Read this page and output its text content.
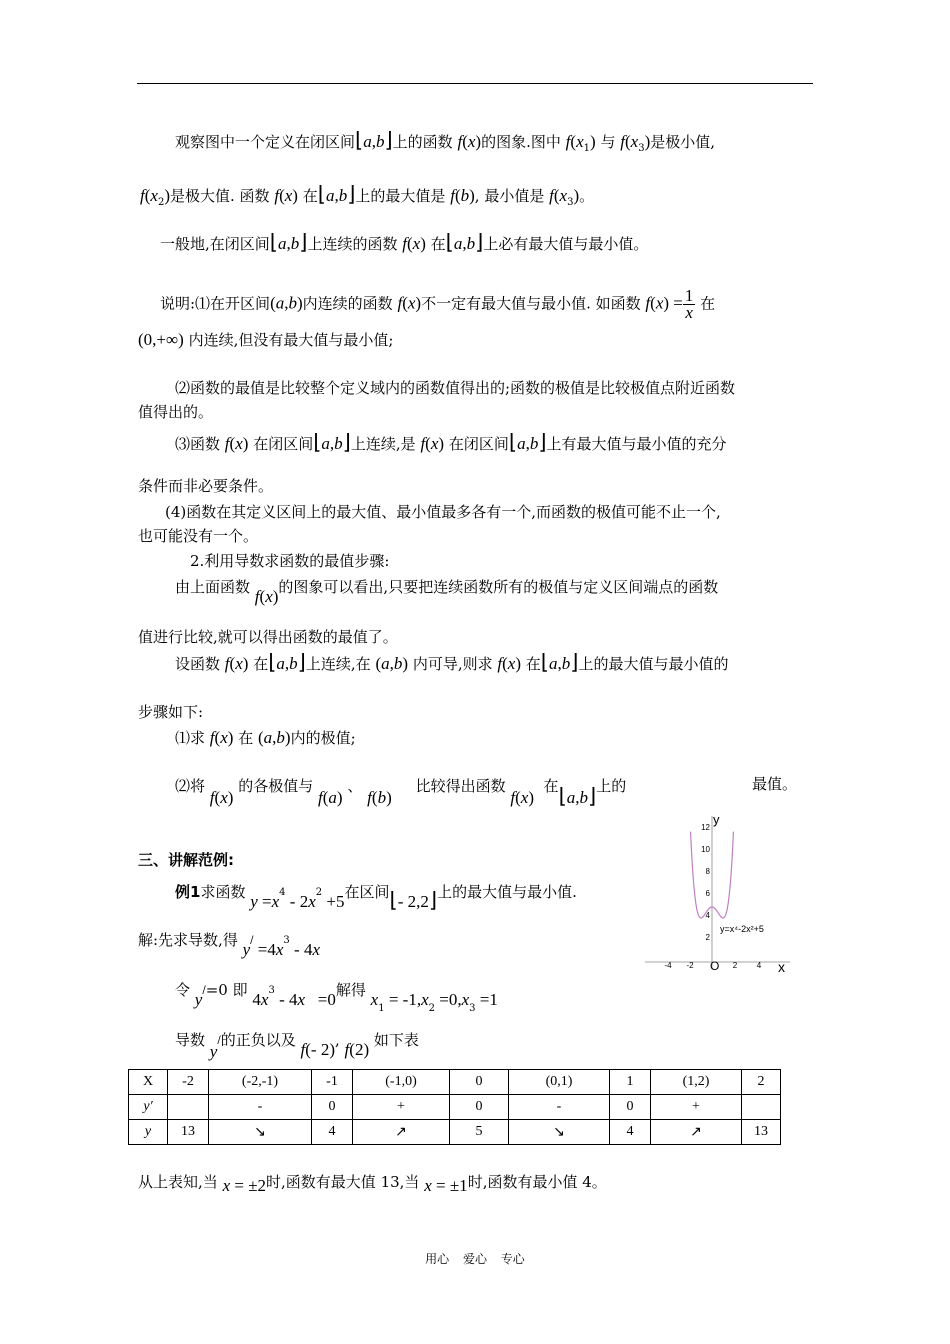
观察图中一个定义在闭区间⌊a,b⌋上的函数 f(x)的图象.图中 $f(x_1)$ 与 $f(x_3)$是极小值,
$f(x_2)$是极大值. 函数 f(x) 在⌊a,b⌋上的最大值是 f(b), 最小值是 $f(x_3)$。
一般地,在闭区间⌊a,b⌋上连续的函数 f(x) 在⌊a,b⌋上必有最大值与最小值。
说明:⑴在开区间(a,b)内连续的函数 f(x)不一定有最大值与最小值. 如函数 $f(x) = \frac{1}{x}$ 在
(0,+∞) 内连续,但没有最大值与最小值;
⑵函数的最值是比较整个定义域内的函数值得出的;函数的极值是比较极值点附近函数
值得出的。
⑶函数 f(x) 在闭区间⌊a,b⌋上连续,是 f(x) 在闭区间⌊a,b⌋上有最大值与最小值的充分
条件而非必要条件。
(4)函数在其定义区间上的最大值、最小值最多各有一个,而函数的极值可能不止一个,
也可能没有一个。
2.利用导数求函数的最值步骤:
由上面函数 f(x)的图象可以看出,只要把连续函数所有的极值与定义区间端点的函数
值进行比较,就可以得出函数的最值了。
设函数 f(x) 在⌊a,b⌋上连续,在 (a,b) 内可导,则求 f(x) 在⌊a,b⌋上的最大值与最小值的
步骤如下:
⑴求 f(x) 在 (a,b)内的极值;
⑵将 f(x) 的各极值与 f(a) 、 f(b)     比较得出函数 f(x)  在⌊a,b⌋上的	最值。
三、讲解范例:
例1求函数 $y =x^4 - 2x^2 +5$在区间⌊- 2,2⌋上的最大值与最小值.
解:先求导数,得 $y^/ =4x^3 - 4x$
令 y/=0 即 $4x^3 - 4x =0$解得 $x_1 = -1,x_2 =0,x_3 =1$
导数 y/的正负以及 f(- 2), f(2) 如下表
X	-2	(-2,-1)	-1	(-1,0)	0	(0,1)	1	(1,2)	2
y′		-	0	+	0	-	0	+	
y	13	↘	4	↗	5	↘	4	↗	13
从上表知,当 x = ±2时,函数有最大值 13,当 x = ±1时,函数有最小值 4。
y
x
O
12
10
8
6
4
2
-4 -2	2 4
y=x⁴-2x²+5
用心 爱心 专心
